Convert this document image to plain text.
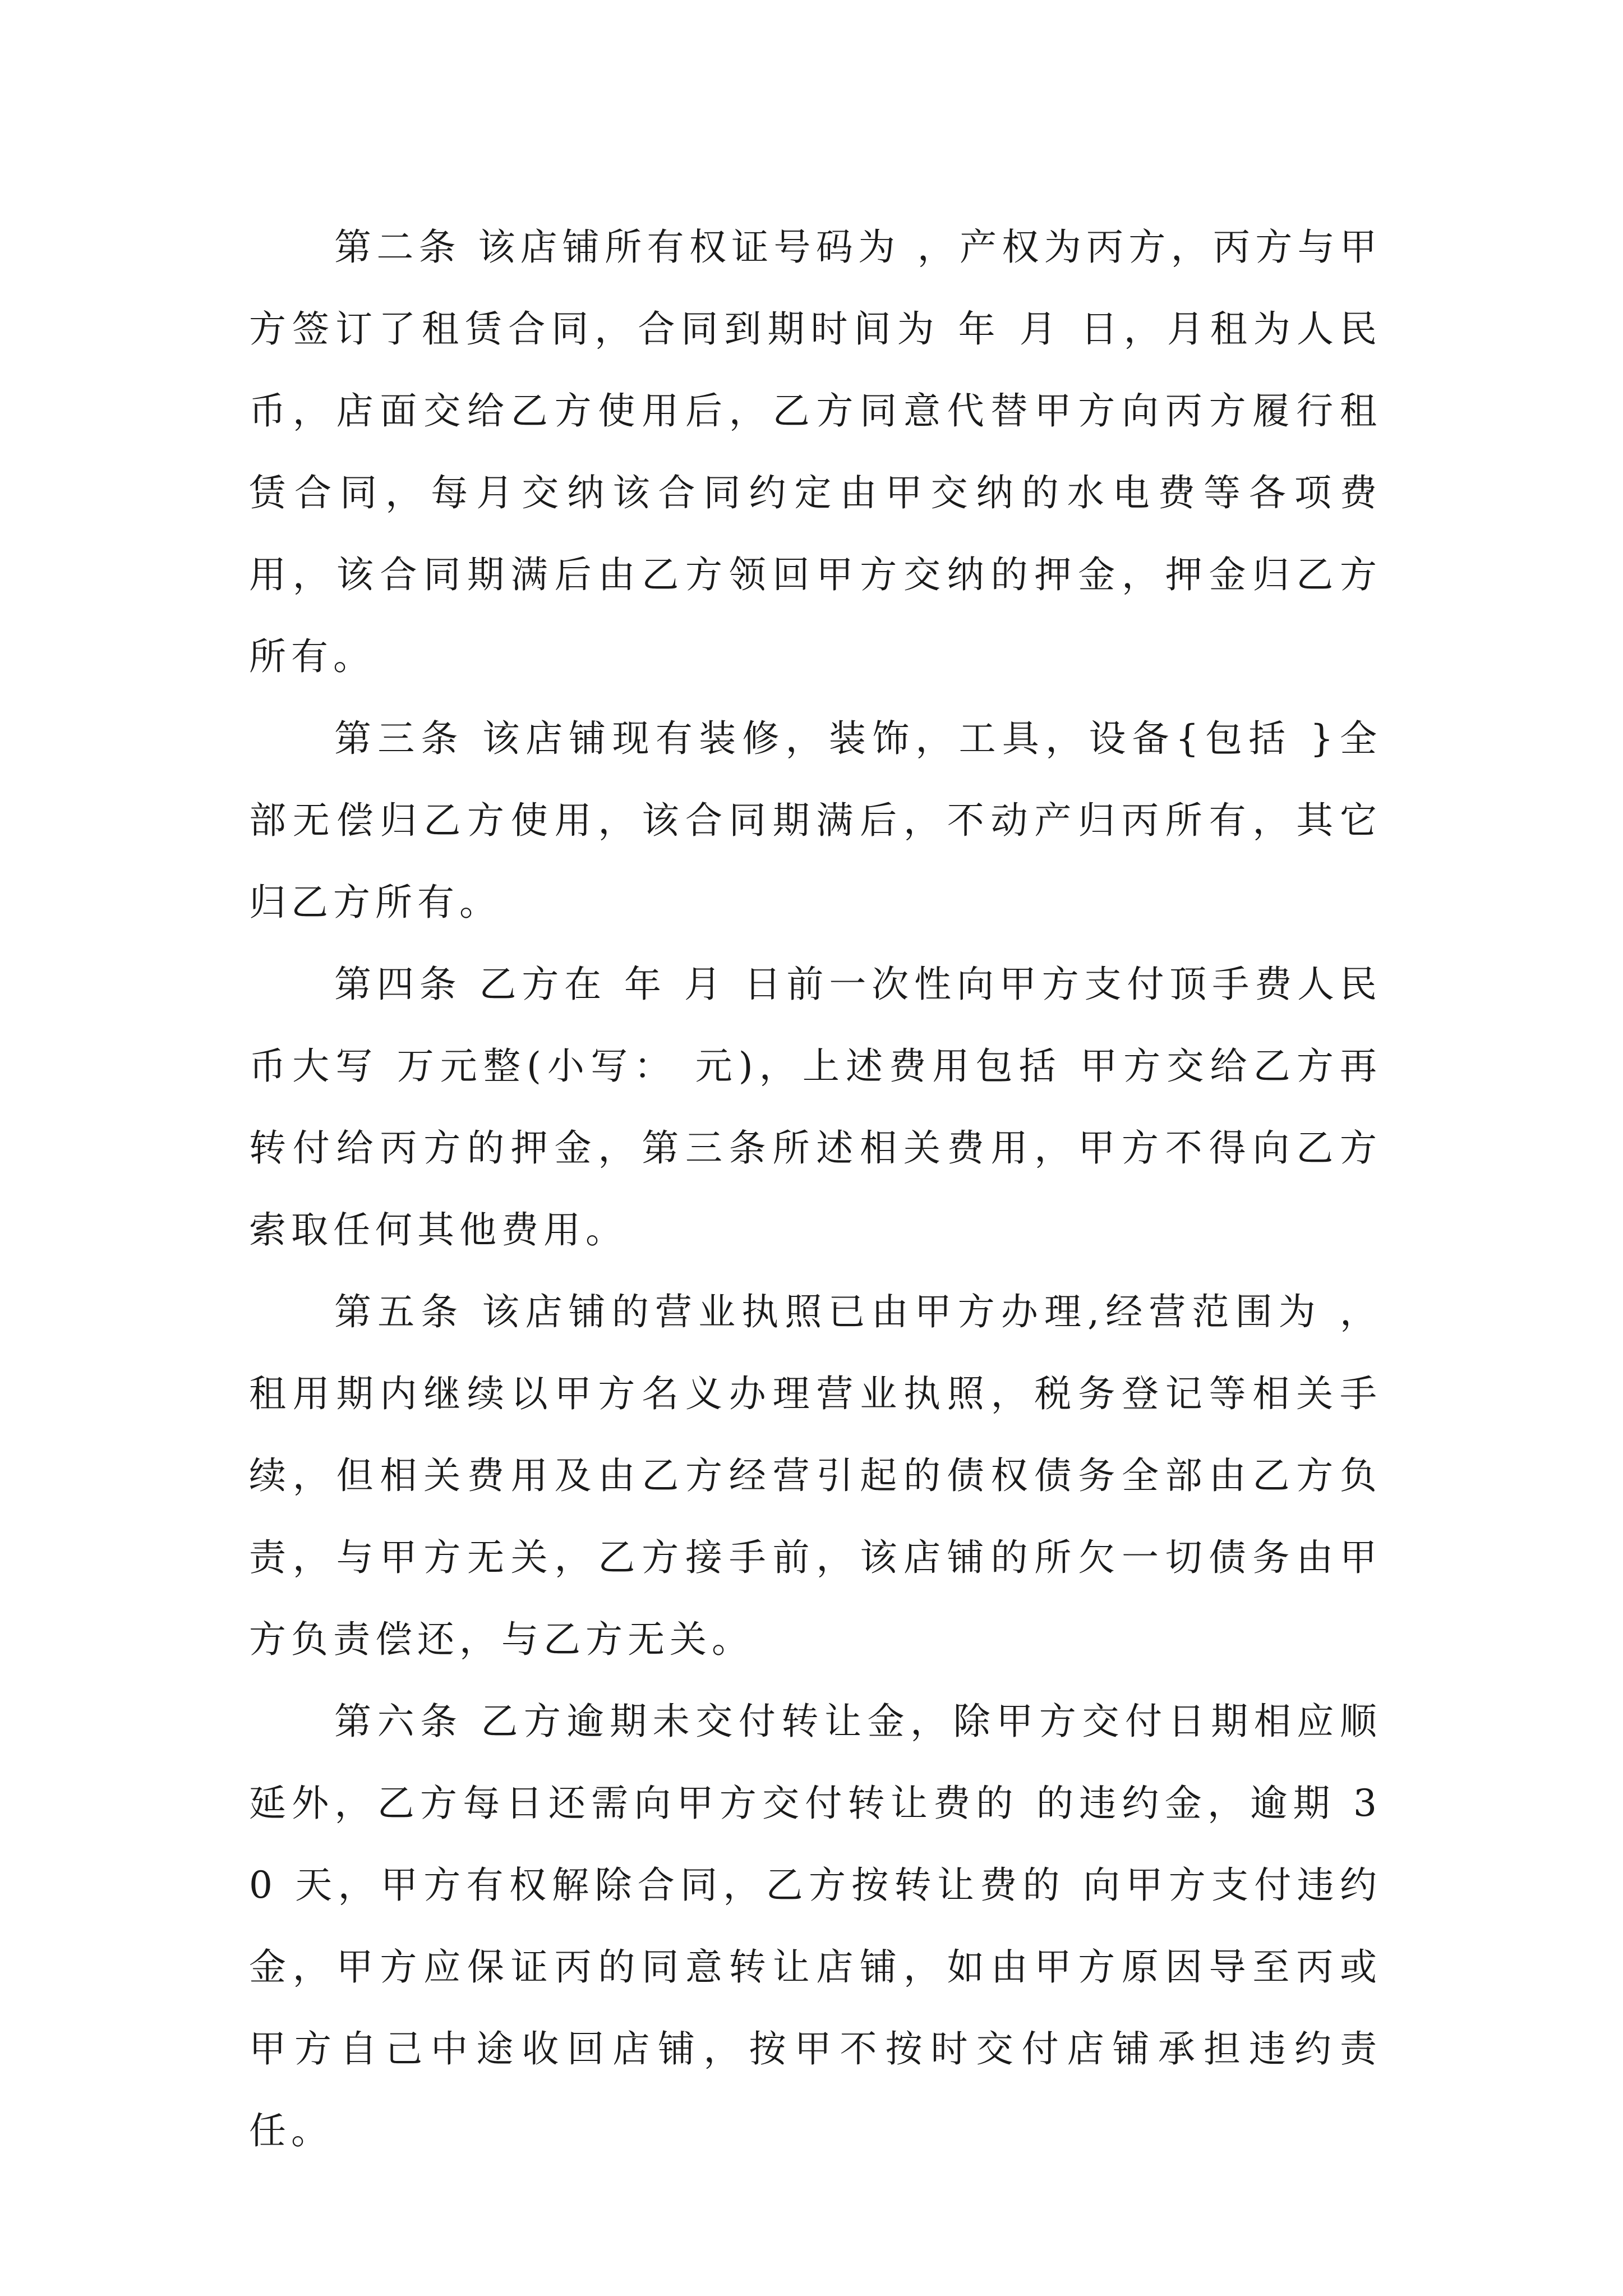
第二条 该店铺所有权证号码为 ，产权为丙方，丙方与甲方签订了租赁合同，合同到期时间为 年 月 日，月租为人民币，店面交给乙方使用后，乙方同意代替甲方向丙方履行租赁合同，每月交纳该合同约定由甲交纳的水电费等各项费用，该合同期满后由乙方领回甲方交纳的押金，押金归乙方所有。

第三条 该店铺现有装修，装饰，工具，设备{包括 }全部无偿归乙方使用，该合同期满后，不动产归丙所有，其它归乙方所有。

第四条 乙方在 年 月 日前一次性向甲方支付顶手费人民币大写 万元整(小写： 元)，上述费用包括 甲方交给乙方再转付给丙方的押金，第三条所述相关费用，甲方不得向乙方索取任何其他费用。

第五条 该店铺的营业执照已由甲方办理,经营范围为 ，租用期内继续以甲方名义办理营业执照，税务登记等相关手续，但相关费用及由乙方经营引起的债权债务全部由乙方负责，与甲方无关，乙方接手前，该店铺的所欠一切债务由甲方负责偿还，与乙方无关。

第六条 乙方逾期未交付转让金，除甲方交付日期相应顺延外，乙方每日还需向甲方交付转让费的 的违约金，逾期 30 天，甲方有权解除合同，乙方按转让费的 向甲方支付违约金，甲方应保证丙的同意转让店铺，如由甲方原因导至丙或甲方自己中途收回店铺，按甲不按时交付店铺承担违约责任。
